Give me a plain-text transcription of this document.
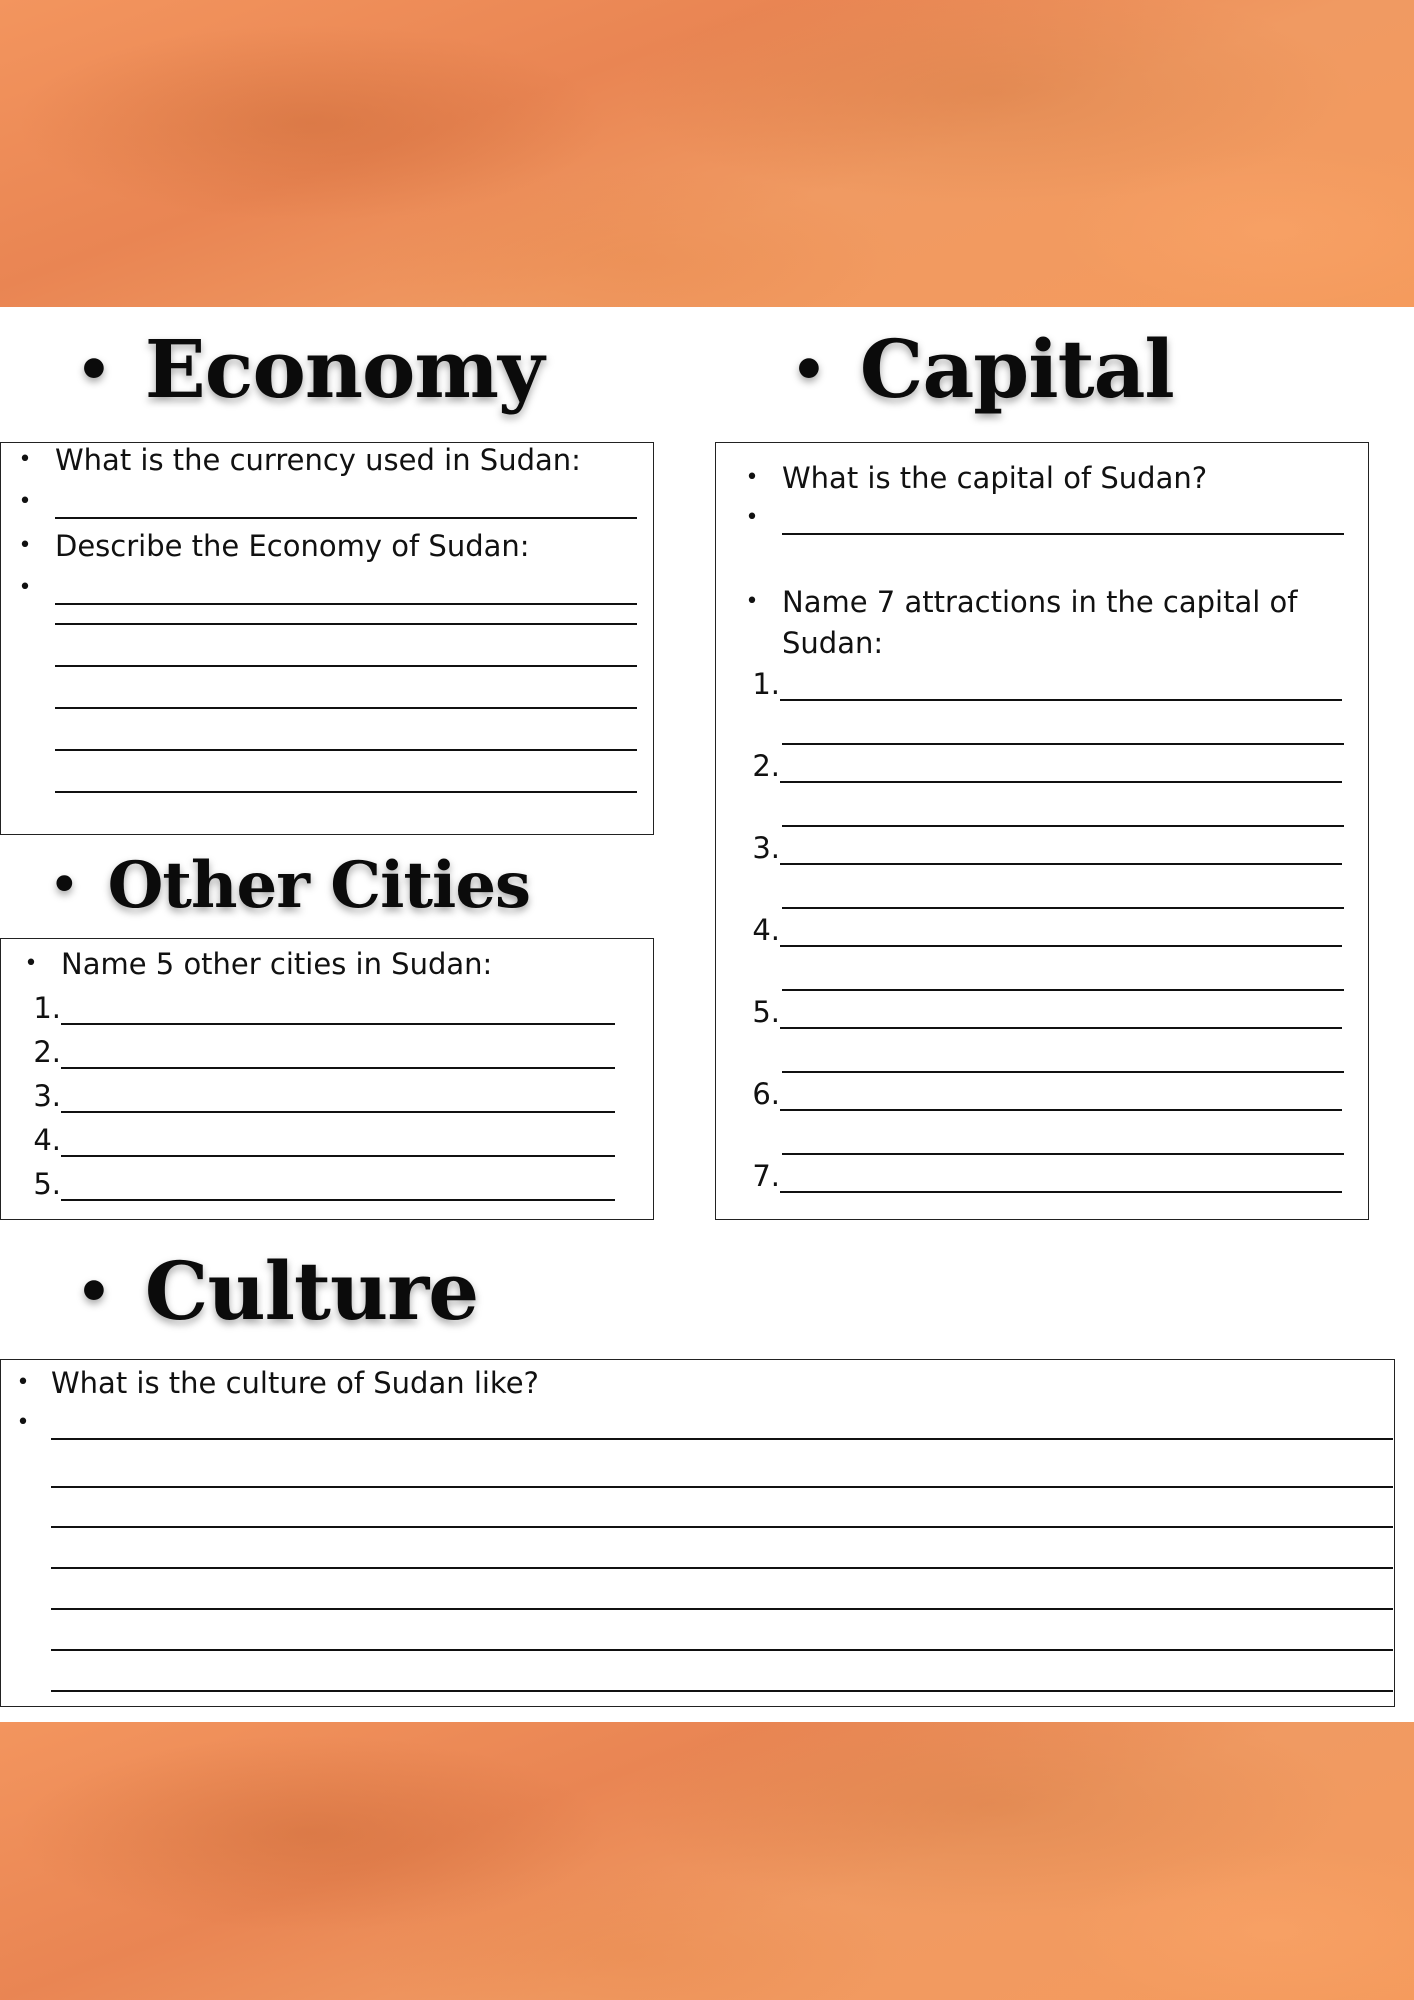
• Economy
• What is the currency used in Sudan:
•
• Describe the Economy of Sudan:
•
• Capital
• What is the capital of Sudan?
•
• Name 7 attractions in the capital of
Sudan:
1.
2.
3.
4.
5.
6.
7.
• Other Cities
• Name 5 other cities in Sudan:
1.
2.
3.
4.
5.
• Culture
• What is the culture of Sudan like?
•
